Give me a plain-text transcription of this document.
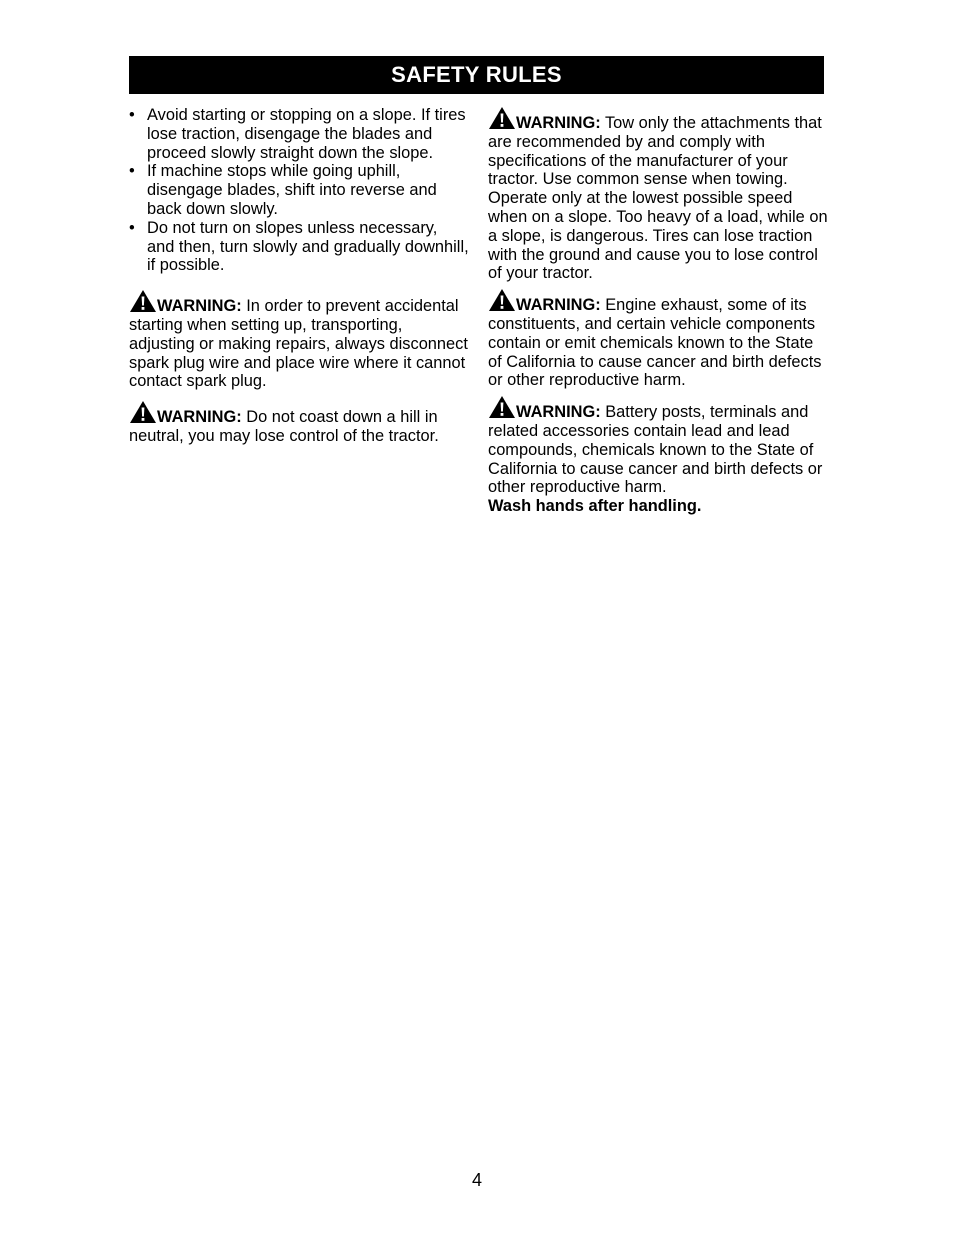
SAFETY RULES
• Avoid starting or stopping on a slope. If tires lose traction, disengage the blades and proceed slowly straight down the slope.
• If machine stops while going uphill, disengage blades, shift into reverse and back down slowly.
• Do not turn on slopes unless necessary, and then, turn slowly and gradually downhill, if possible.

WARNING: In order to prevent accidental starting when setting up, transporting, adjusting or making repairs, always disconnect spark plug wire and place wire where it cannot contact spark plug.

WARNING: Do not coast down a hill in neutral, you may lose control of the tractor.

WARNING: Tow only the attachments that are recommended by and comply with specifications of the manufacturer of your tractor. Use common sense when towing. Operate only at the lowest possible speed when on a slope. Too heavy of a load, while on a slope, is dangerous. Tires can lose traction with the ground and cause you to lose control of your tractor.

WARNING: Engine exhaust, some of its constituents, and certain vehicle components contain or emit chemicals known to the State of California to cause cancer and birth defects or other reproductive harm.

WARNING: Battery posts, terminals and related accessories contain lead and lead compounds, chemicals known to the State of California to cause cancer and birth defects or other reproductive harm.
Wash hands after handling.

4
